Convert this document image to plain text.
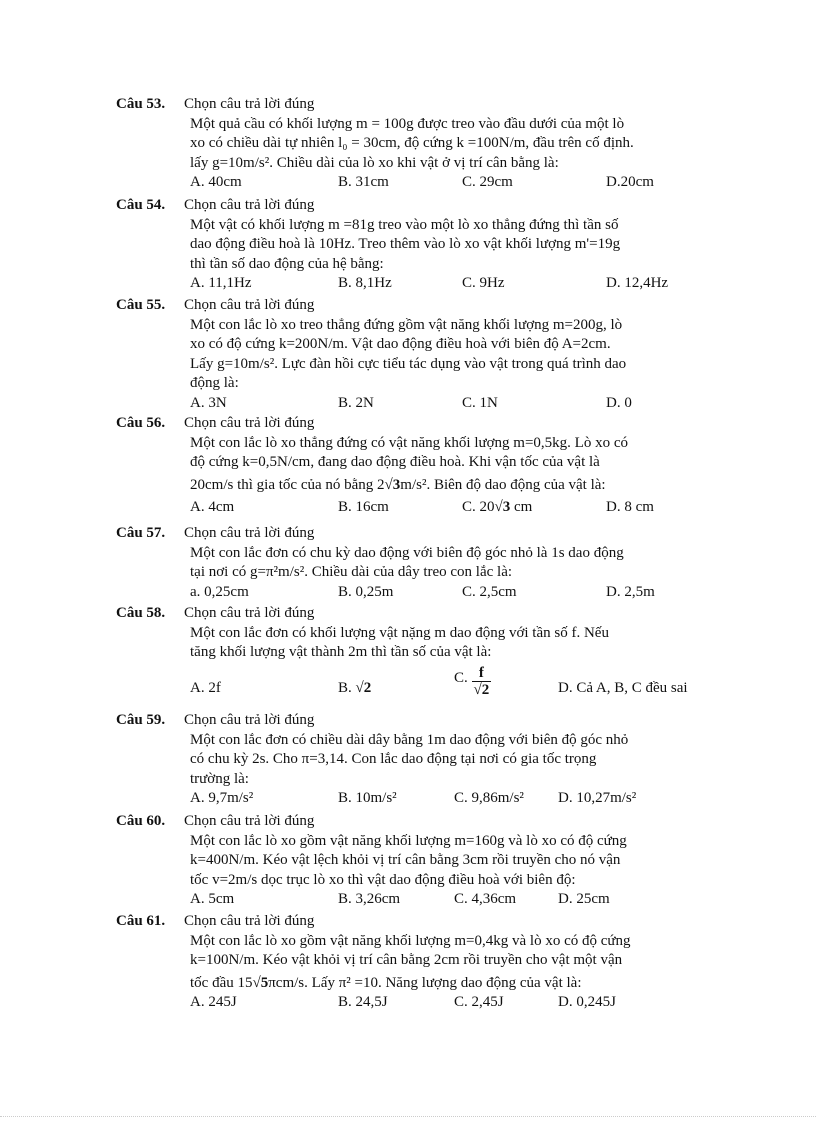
Câu 53. Chọn câu trả lời đúng
Một quả cầu có khối lượng m = 100g được treo vào đầu dưới của một lò
xo có chiều dài tự nhiên l₀ = 30cm, độ cứng k =100N/m, đầu trên cố định.
lấy g=10m/s². Chiều dài của lò xo khi vật ở vị trí cân bằng là:
A. 40cm	B. 31cm	C. 29cm	D.20cm
Câu 54. Chọn câu trả lời đúng
Một vật có khối lượng m =81g treo vào một lò xo thẳng đứng thì tần số
dao động điều hoà là 10Hz. Treo thêm vào lò xo vật khối lượng m'=19g
thì tần số dao động của hệ bằng:
A. 11,1Hz	B. 8,1Hz	C. 9Hz	D. 12,4Hz
Câu 55. Chọn câu trả lời đúng
Một con lắc lò xo treo thẳng đứng gồm vật năng khối lượng m=200g, lò
xo có độ cứng k=200N/m. Vật dao động điều hoà với biên độ A=2cm.
Lấy g=10m/s². Lực đàn hồi cực tiểu tác dụng vào vật trong quá trình dao
động là:
A. 3N	B. 2N	C. 1N	D. 0
Câu 56. Chọn câu trả lời đúng
Một con lắc lò xo thẳng đứng có vật năng khối lượng m=0,5kg. Lò xo có
độ cứng k=0,5N/cm, đang dao động điều hoà. Khi vận tốc của vật là
20cm/s thì gia tốc của nó bằng 2√3m/s². Biên độ dao động của vật là:
A. 4cm	B. 16cm	C. 20√3 cm	D. 8 cm
Câu 57. Chọn câu trả lời đúng
Một con lắc đơn có chu kỳ dao động với biên độ góc nhỏ là 1s dao động
tại nơi có g=π²m/s². Chiều dài của dây treo con lắc là:
a. 0,25cm	B. 0,25m	C. 2,5cm	D. 2,5m
Câu 58. Chọn câu trả lời đúng
Một con lắc đơn có khối lượng vật nặng m dao động với tần số f. Nếu
tăng khối lượng vật thành 2m thì tần số của vật là:
A. 2f	B. √2
C. $\frac{f}{√2}$	D. Cả A, B, C đều sai
Câu 59. Chọn câu trả lời đúng
Một con lắc đơn có chiều dài dây bằng 1m dao động với biên độ góc nhỏ
có chu kỳ 2s. Cho π=3,14. Con lắc dao động tại nơi có gia tốc trọng
trường là:
A. 9,7m/s²	B. 10m/s²	C. 9,86m/s² D. 10,27m/s²
Câu 60. Chọn câu trả lời đúng
Một con lắc lò xo gồm vật năng khối lượng m=160g và lò xo có độ cứng
k=400N/m. Kéo vật lệch khỏi vị trí cân bằng 3cm rồi truyền cho nó vận
tốc v=2m/s dọc trục lò xo thì vật dao động điều hoà với biên độ:
A. 5cm	B. 3,26cm	C. 4,36cm	D. 25cm
Câu 61. Chọn câu trả lời đúng
Một con lắc lò xo gồm vật năng khối lượng m=0,4kg và lò xo có độ cứng
k=100N/m. Kéo vật khỏi vị trí cân bằng 2cm rồi truyền cho vật một vận
tốc đầu 15√5πcm/s. Lấy π² =10. Năng lượng dao động của vật là:
A. 245J	B. 24,5J	C. 2,45J	D. 0,245J
